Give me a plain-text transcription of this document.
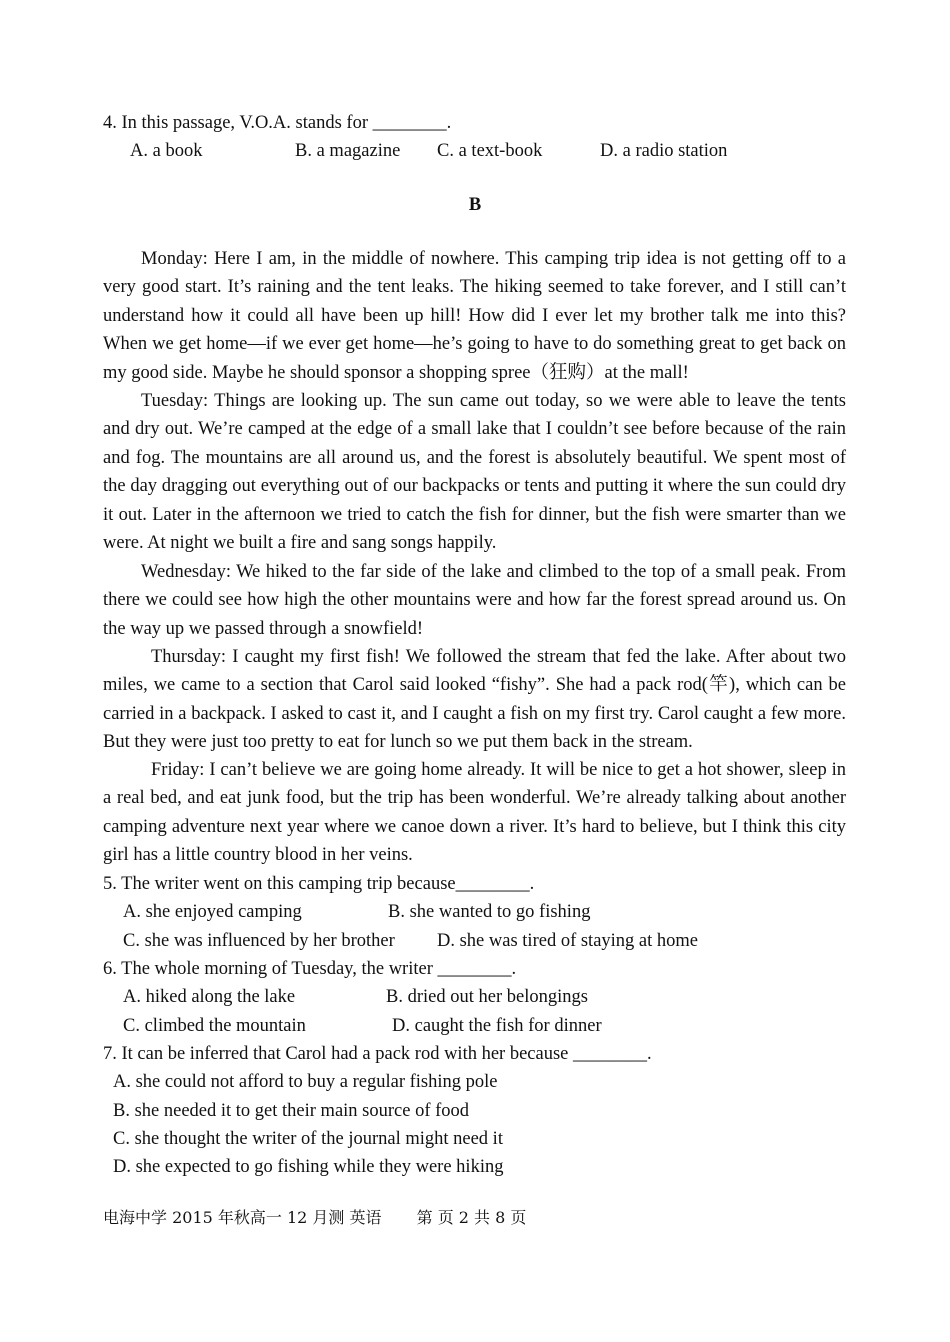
4. In this passage, V.O.A. stands for ________.
A. a book	B. a magazine C. a text-book	D. a radio station
B

Monday: Here I am, in the middle of nowhere. This camping trip idea is not getting off to a very good start. It’s raining and the tent leaks. The hiking seemed to take forever, and I still can’t understand how it could all have been up hill! How did I ever let my brother talk me into this? When we get home—if we ever get home—he’s going to have to do something great to get back on my good side. Maybe he should sponsor a shopping spree（狂购）at the mall!

Tuesday: Things are looking up. The sun came out today, so we were able to leave the tents and dry out. We’re camped at the edge of a small lake that I couldn’t see before because of the rain and fog. The mountains are all around us, and the forest is absolutely beautiful. We spent most of the day dragging out everything out of our backpacks or tents and putting it where the sun could dry it out. Later in the afternoon we tried to catch the fish for dinner, but the fish were smarter than we were. At night we built a fire and sang songs happily.

Wednesday: We hiked to the far side of the lake and climbed to the top of a small peak. From there we could see how high the other mountains were and how far the forest spread around us. On the way up we passed through a snowfield!

Thursday: I caught my first fish! We followed the stream that fed the lake. After about two miles, we came to a section that Carol said looked “fishy”. She had a pack rod(竿), which can be carried in a backpack. I asked to cast it, and I caught a fish on my first try. Carol caught a few more. But they were just too pretty to eat for lunch so we put them back in the stream.

Friday: I can’t believe we are going home already. It will be nice to get a hot shower, sleep in a real bed, and eat junk food, but the trip has been wonderful. We’re already talking about another camping adventure next year where we canoe down a river. It’s hard to believe, but I think this city girl has a little country blood in her veins.

5. The writer went on this camping trip because________.
A. she enjoyed camping	B. she wanted to go fishing
C. she was influenced by her brother D. she was tired of staying at home
6. The whole morning of Tuesday, the writer ________.
A. hiked along the lake	B. dried out her belongings
C. climbed the mountain	D. caught the fish for dinner
7. It can be inferred that Carol had a pack rod with her because ________.
A. she could not afford to buy a regular fishing pole
B. she needed it to get their main source of food
C. she thought the writer of the journal might need it
D. she expected to go fishing while they were hiking
电海中学 2015 年秋高一 12 月测 英语 第 页 2 共 8 页
